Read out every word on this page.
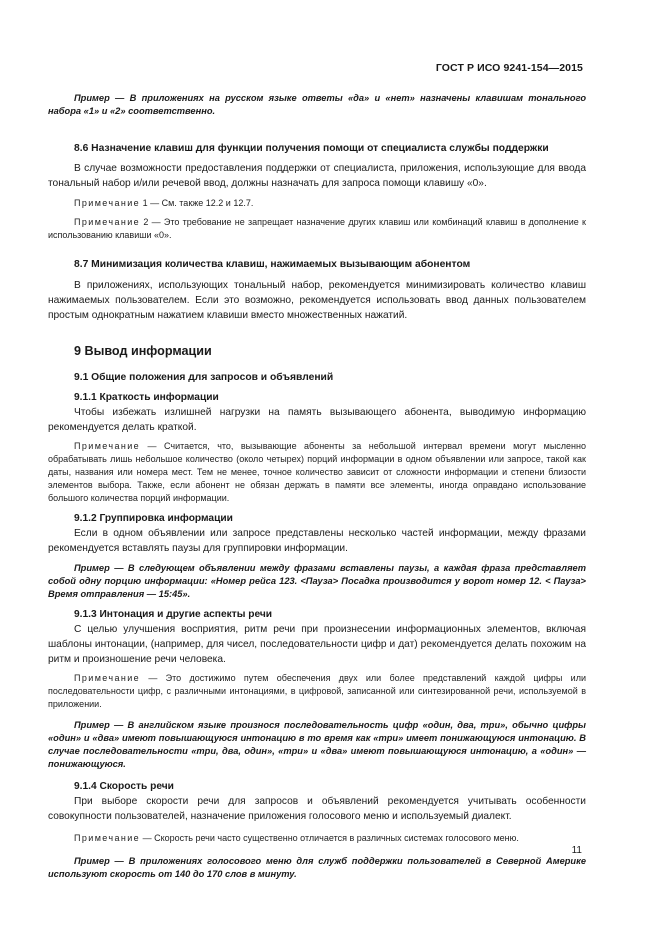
ГОСТ Р ИСО 9241-154—2015

Пример — В приложениях на русском языке ответы «да» и «нет» назначены клавишам тонального набора «1» и «2» соответственно.

8.6 Назначение клавиш для функции получения помощи от специалиста службы поддержки

В случае возможности предоставления поддержки от специалиста, приложения, использующие для ввода тональный набор и/или речевой ввод, должны назначать для запроса помощи клавишу «0».

Примечание 1 — См. также 12.2 и 12.7.

Примечание 2 — Это требование не запрещает назначение других клавиш или комбинаций клавиш в дополнение к использованию клавиши «0».

8.7 Минимизация количества клавиш, нажимаемых вызывающим абонентом

В приложениях, использующих тональный набор, рекомендуется минимизировать количество клавиш нажимаемых пользователем. Если это возможно, рекомендуется использовать ввод данных пользователем простым однократным нажатием клавиши вместо множественных нажатий.

9 Вывод информации

9.1 Общие положения для запросов и объявлений

9.1.1 Краткость информации

Чтобы избежать излишней нагрузки на память вызывающего абонента, выводимую информацию рекомендуется делать краткой.

Примечание — Считается, что, вызывающие абоненты за небольшой интервал времени могут мысленно обрабатывать лишь небольшое количество (около четырех) порций информации в одном объявлении или запросе, такой как даты, названия или номера мест. Тем не менее, точное количество зависит от сложности информации и степени близости элементов выбора. Также, если абонент не обязан держать в памяти все элементы, иногда оправдано использование большого количества порций информации.

9.1.2 Группировка информации

Если в одном объявлении или запросе представлены несколько частей информации, между фразами рекомендуется вставлять паузы для группировки информации.

Пример — В следующем объявлении между фразами вставлены паузы, а каждая фраза представляет собой одну порцию информации: «Номер рейса 123. <Пауза> Посадка производится у ворот номер 12. < Пауза> Время отправления — 15:45».

9.1.3 Интонация и другие аспекты речи

С целью улучшения восприятия, ритм речи при произнесении информационных элементов, включая шаблоны интонации, (например, для чисел, последовательности цифр и дат) рекомендуется делать похожим на ритм и произношение речи человека.

Примечание — Это достижимо путем обеспечения двух или более представлений каждой цифры или последовательности цифр, с различными интонациями, в цифровой, записанной или синтезированной речи, используемой в приложении.

Пример — В английском языке произнося последовательность цифр «один, два, три», обычно цифры «один» и «два» имеют повышающуюся интонацию в то время как «три» имеет понижающуюся интонацию. В случае последовательности «три, два, один», «три» и «два» имеют повышающуюся интонацию, а «один» — понижающуюся.

9.1.4 Скорость речи

При выборе скорости речи для запросов и объявлений рекомендуется учитывать особенности совокупности пользователей, назначение приложения голосового меню и используемый диалект.

Примечание — Скорость речи часто существенно отличается в различных системах голосового меню.

Пример — В приложениях голосового меню для служб поддержки пользователей в Северной Америке используют скорость от 140 до 170 слов в минуту.

11
